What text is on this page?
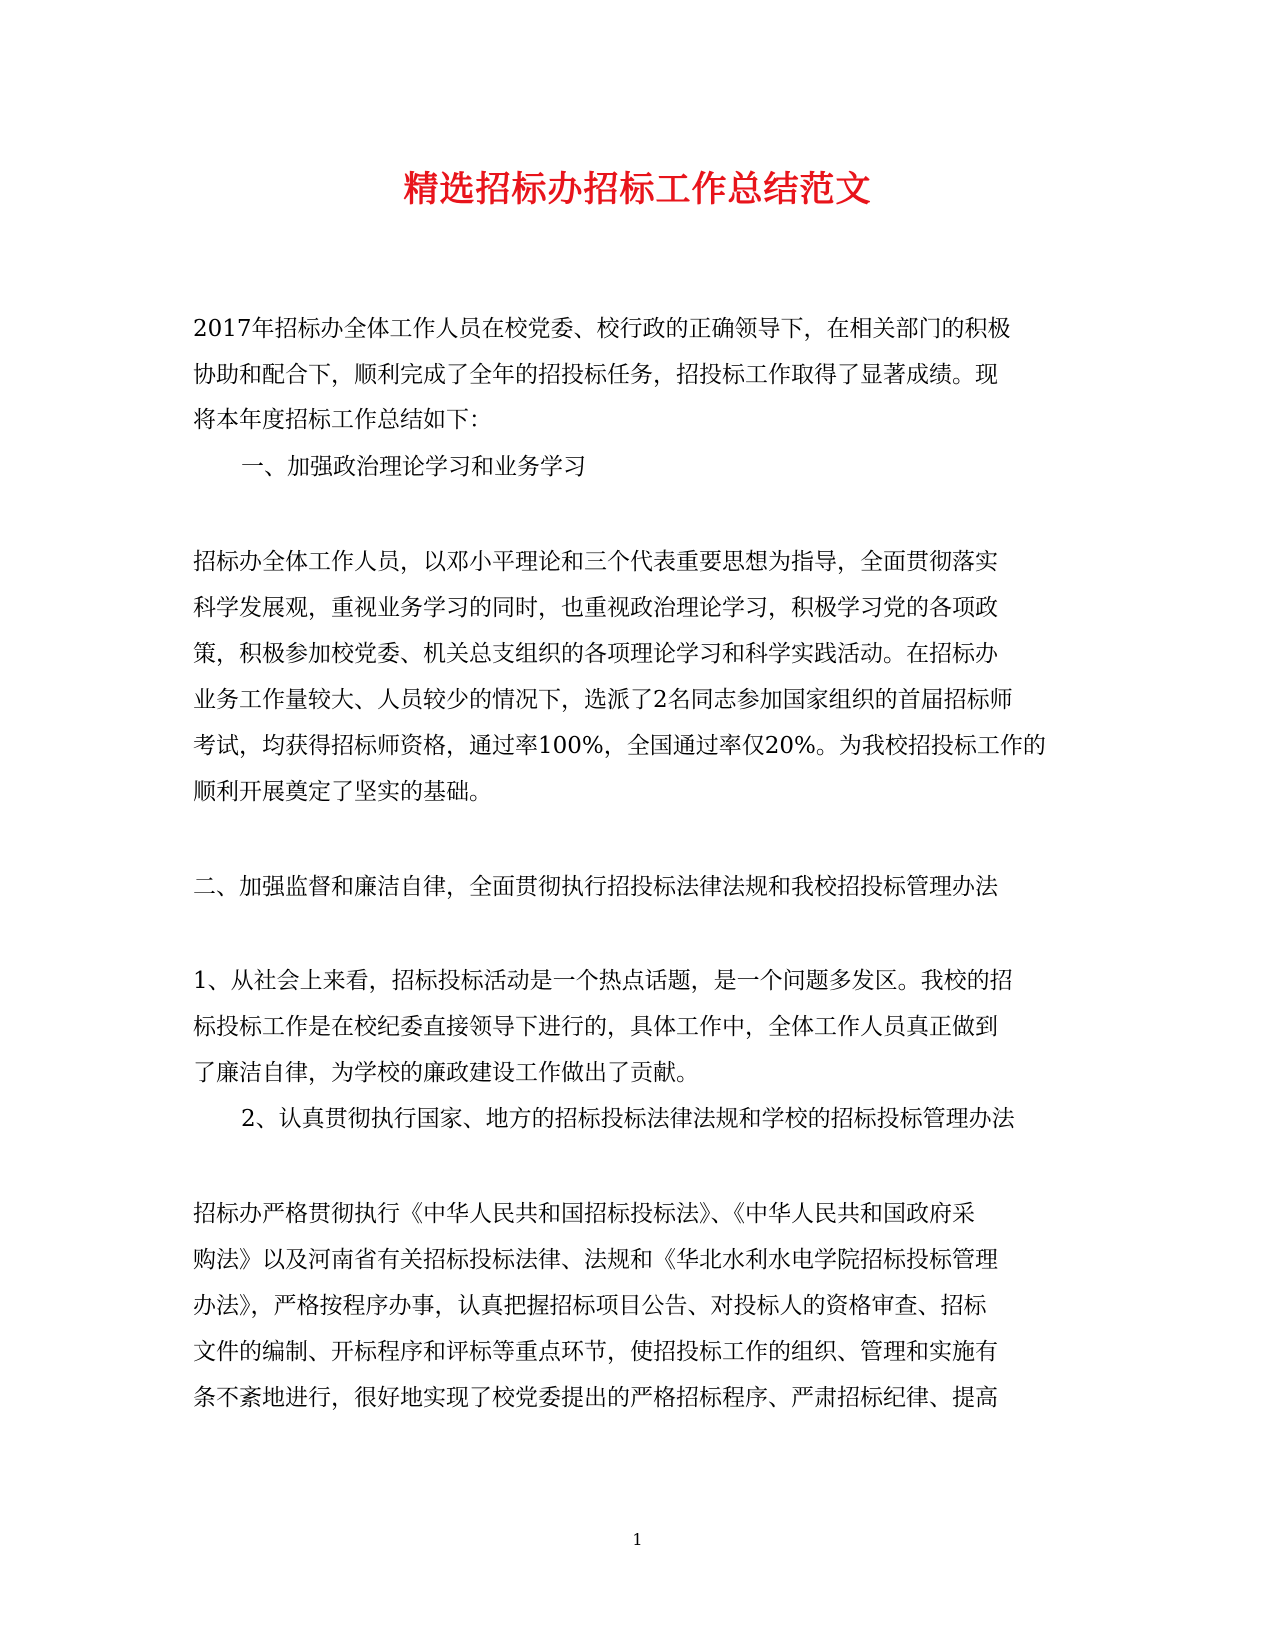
精选招标办招标工作总结范文
2017年招标办全体工作人员在校党委、校行政的正确领导下，在相关部门的积极
协助和配合下，顺利完成了全年的招投标任务，招投标工作取得了显著成绩。现
将本年度招标工作总结如下：
一、加强政治理论学习和业务学习
招标办全体工作人员，以邓小平理论和三个代表重要思想为指导，全面贯彻落实
科学发展观，重视业务学习的同时，也重视政治理论学习，积极学习党的各项政
策，积极参加校党委、机关总支组织的各项理论学习和科学实践活动。在招标办
业务工作量较大、人员较少的情况下，选派了2名同志参加国家组织的首届招标师
考试，均获得招标师资格，通过率100%，全国通过率仅20%。为我校招投标工作的
顺利开展奠定了坚实的基础。
二、加强监督和廉洁自律，全面贯彻执行招投标法律法规和我校招投标管理办法
1、从社会上来看，招标投标活动是一个热点话题，是一个问题多发区。我校的招
标投标工作是在校纪委直接领导下进行的，具体工作中，全体工作人员真正做到
了廉洁自律，为学校的廉政建设工作做出了贡献。
2、认真贯彻执行国家、地方的招标投标法律法规和学校的招标投标管理办法
招标办严格贯彻执行《中华人民共和国招标投标法》、《中华人民共和国政府采
购法》以及河南省有关招标投标法律、法规和《华北水利水电学院招标投标管理
办法》，严格按程序办事，认真把握招标项目公告、对投标人的资格审查、招标
文件的编制、开标程序和评标等重点环节，使招投标工作的组织、管理和实施有
条不紊地进行，很好地实现了校党委提出的严格招标程序、严肃招标纪律、提高
1
